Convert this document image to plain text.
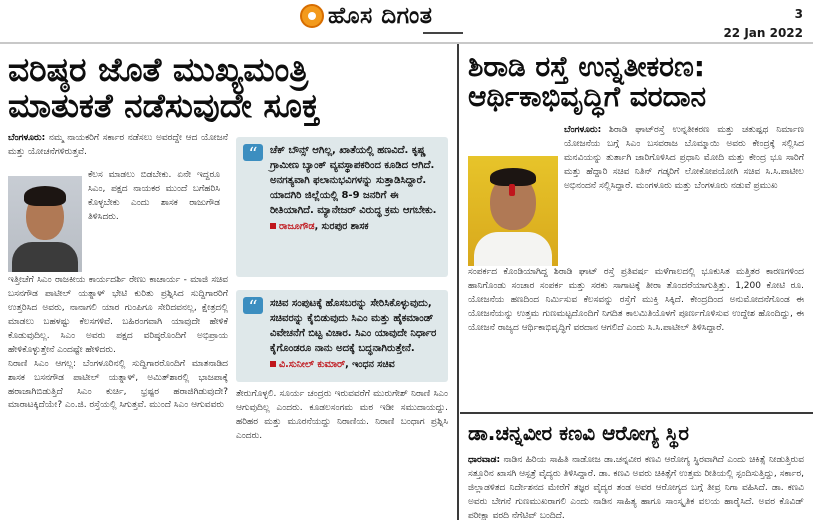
ಹೊಸ ದಿಗಂತ	3
22 Jan 2022
ವರಿಷ್ಠರ ಜೊತೆ ಮುಖ್ಯಮಂತ್ರಿ
ಮಾತುಕತೆ ನಡೆಸುವುದೇ ಸೂಕ್ತ
ಬೆಂಗಳೂರು: ನಮ್ಮ ನಾಯಕರಿಗೆ ಸರ್ಕಾರ ನಡೆಸಲು ಅವರದ್ದೇ ಆದ ಯೋಜನೆ ಮತ್ತು ಯೋಚನೆಗಳಿರುತ್ತವೆ.
ಕೆಲಸ ಮಾಡಲು ಬಿಡಬೇಕು. ಏನೇ ಇದ್ದರೂ ಸಿಎಂ, ಪಕ್ಷದ ನಾಯಕರ ಮುಂದೆ ಬಗೆಹರಿಸಿ ಕೊಳ್ಳಬೇಕು ಎಂದು ಶಾಸಕ ರಾಜುಗೌಡ ತಿಳಿಸಿದರು.

ಇತ್ತೀಚೆಗೆ ಸಿಎಂ ರಾಜಕೀಯ ಕಾರ್ಯದರ್ಶಿ ರೇಣು ಕಾಚಾರ್ಯ - ಮಾಜಿ ಸಚಿವ ಬಸನಗೌಡ ಪಾಟೀಲ್ ಯತ್ನಾಳ್ ಭೇಟಿ ಕುರಿತು ಪ್ರಶ್ನಿಸಿದ ಸುದ್ದಿಗಾರರಿಗೆ ಉತ್ತರಿಸಿದ ಅವರು, ನಾನಾಗಲಿ ಯಾರ ಗುಂಪಿಗೂ ಸೇರಿದವನಲ್ಲ, ಕ್ಷೇತ್ರದಲ್ಲಿ ಮಾಡಲು ಬಹಳಷ್ಟು ಕೆಲಸಗಳಿವೆ. ಬಹಿರಂಗವಾಗಿ ಯಾವುದೇ ಹೇಳಿಕೆ ಕೊಡುವುದಿಲ್ಲ. ಸಿಎಂ ಅವರು ಪಕ್ಷದ ವರಿಷ್ಠರೊಂದಿಗೆ ಅಭಿಪ್ರಾಯ ಹೇಳಿಕೊಳ್ಳುತ್ತೇನೆ ಎಂದಷ್ಟೇ ಹೇಳಿದರು.

ನಿರಾಣಿ ಸಿಎಂ ಆಗಲ್ಲ: ಬೆಂಗಳೂರಿನಲ್ಲಿ ಸುದ್ದಿಗಾರರೊಂದಿಗೆ ಮಾತನಾಡಿದ ಶಾಸಕ ಬಸನಗೌಡ ಪಾಟೀಲ್ ಯತ್ನಾಳ್, ಅಮಿತ್‌ಶಾರಲ್ಲಿ ಭಾಜಪಾಕ್ಕೆ ಹರಾಜಾಗಿಬಿಡುತ್ತಿದೆ ಸಿಎಂ ಕುರ್ಚಿ, ಭ್ರಷ್ಟರ ಹರಾಜಿಗಿಡುವುದೇ? ಮಾರಾಟಕ್ಕಿದೆಯೇ? ಎಂ.ಜಿ. ರಸ್ತೆಯಲ್ಲಿ ಸಿಗುತ್ತವೆ. ಮುಂದೆ ಸಿಎಂ ಆಗುವವರು

“	ಚೆಕ್ ಬೌನ್ಸ್ ಆಗಿಲ್ಲ, ಖಾತೆಯಲ್ಲಿ ಹಣವಿದೆ. ಕೃಷ್ಣ ಗ್ರಾಮೀಣ ಬ್ಯಾಂಕ್ ವ್ಯವಸ್ಥಾಪಕರಿಂದ ಕೂಡಿದ ಆಗಿದೆ. ಅನಗತ್ಯವಾಗಿ ಫಲಾನುಭವಿಗಳನ್ನು ಸುತ್ತಾಡಿಸಿದ್ದಾರೆ. ಯಾದಗಿರಿ ಜಿಲ್ಲೆಯಲ್ಲಿ 8-9 ಜನರಿಗೆ ಈ ರೀತಿಯಾಗಿದೆ. ಮ್ಯಾನೇಜರ್ ವಿರುದ್ಧ ಕ್ರಮ ಆಗಬೇಕು.
ರಾಜೂಗೌಡ, ಸುರಪುರ ಶಾಸಕ
“	ಸಚಿವ ಸಂಪುಟಕ್ಕೆ ಹೊಸಬರನ್ನು ಸೇರಿಸಿಕೊಳ್ಳುವುದು, ಸಚಿವರನ್ನು ಕೈಬಿಡುವುದು ಸಿಎಂ ಮತ್ತು ಹೈಕಮಾಂಡ್ ವಿವೇಚನೆಗೆ ಬಿಟ್ಟ ವಿಚಾರ. ಸಿಎಂ ಯಾವುದೇ ನಿರ್ಧಾರ ಕೈಗೊಂಡರೂ ನಾನು ಅದಕ್ಕೆ ಬದ್ಧನಾಗಿರುತ್ತೇನೆ.
ವಿ.ಸುನೀಲ್ ಕುಮಾರ್, ಇಂಧನ ಸಚಿವ
ತೇರುಗೊಳ್ಳಲಿ. ಸೂರ್ಯ ಚಂದ್ರರು ಇರುವವರೆಗೆ ಮುರುಗೇಶ್ ನಿರಾಣಿ ಸಿಎಂ ಆಗುವುದಿಲ್ಲ ಎಂದರು. ಕೂಡಲಸಂಗಮ ಮಠ ಇಡೀ ಸಮುದಾಯದ್ದು. ಹರಿಹರ ಮತ್ತು ಮೂರನೆಯದ್ದು ನಿರಾಣಿಯ. ನಿರಾಣಿ ಬಂಧಾಗ ಪ್ರಶ್ನಿಸಿ ಎಂದರು.
ಶಿರಾಡಿ ರಸ್ತೆ ಉನ್ನತೀಕರಣ:
ಆರ್ಥಿಕಾಭಿವೃದ್ಧಿಗೆ ವರದಾನ
ಬೆಂಗಳೂರು: ಶಿರಾಡಿ ಘಾಟ್‌ರಸ್ತೆ ಉನ್ನತೀಕರಣ ಮತ್ತು ಚತುಷ್ಪಥ ನಿರ್ಮಾಣ ಯೋಜನೆಯ ಬಗ್ಗೆ ಸಿಎಂ ಬಸವರಾಜ ಬೊಮ್ಮಾಯಿ ಅವರು ಕೇಂದ್ರಕ್ಕೆ ಸಲ್ಲಿಸಿದ ಮನವಿಯನ್ನು ತುರ್ತಾಗಿ ಜಾರಿಗೊಳಿಸಿದ ಪ್ರಧಾನಿ ಮೋದಿ ಮತ್ತು ಕೇಂದ್ರ ಭೂ ಸಾರಿಗೆ ಮತ್ತು ಹೆದ್ದಾರಿ ಸಚಿವ ನಿತಿನ್ ಗಡ್ಕರಿಗೆ ಲೋಕೋಪಯೋಗಿ ಸಚಿವ ಸಿ.ಸಿ.ಪಾಟೀಲ ಅಭಿನಂದನೆ ಸಲ್ಲಿಸಿದ್ದಾರೆ. ಮಂಗಳೂರು ಮತ್ತು ಬೆಂಗಳೂರು ನಡುವೆ ಪ್ರಮುಖ
ಸಂಪರ್ಕದ ಕೊಂಡಿಯಾಗಿದ್ದ ಶಿರಾಡಿ ಘಾಟ್ ರಸ್ತೆ ಪ್ರತಿವರ್ಷ ಮಳೆಗಾಲದಲ್ಲಿ ಭೂಕುಸಿತ ಮತ್ತಿತರ ಕಾರಣಗಳಿಂದ ಹಾನಿಗೊಂಡು ಸಂಚಾರ ಸಂಪರ್ಕ ಮತ್ತು ಸರಕು ಸಾಗಾಟಕ್ಕೆ ತೀರಾ ತೊಂದರೆಯಾಗುತ್ತಿತ್ತು. 1,200 ಕೋಟಿ ರೂ. ಯೋಜನೆಯ ಹಣದಿಂದ ನಿರ್ಮಿಸುವ ಕೆಲಸವನ್ನು ರಸ್ತೆಗೆ ಮುಕ್ತಿ ಸಿಕ್ಕಿದೆ. ಕೇಂದ್ರದಿಂದ ಅನುಮೋದನೆಗೊಂಡ ಈ ಯೋಜನೆಯನ್ನು ಉತ್ತಮ ಗುಣಮಟ್ಟದೊಂದಿಗೆ ನಿಗದಿತ ಕಾಲಮಿತಿಯೊಳಗೆ ಪೂರ್ಣಗೊಳಿಸುವ ಉದ್ದೇಶ ಹೊಂದಿದ್ದು, ಈ ಯೋಜನೆ ರಾಜ್ಯದ ಆರ್ಥಿಕಾಭಿವೃದ್ಧಿಗೆ ವರದಾನ ಆಗಲಿದೆ ಎಂದು ಸಿ.ಸಿ.ಪಾಟೀಲ್ ತಿಳಿಸಿದ್ದಾರೆ.
ಡಾ.ಚನ್ನವೀರ ಕಣವಿ ಆರೋಗ್ಯ ಸ್ಥಿರ
ಧಾರವಾಡ: ನಾಡಿನ ಹಿರಿಯ ಸಾಹಿತಿ ನಾಡೋಜ ಡಾ.ಚನ್ನವೀರ ಕಣವಿ ಆರೋಗ್ಯ ಸ್ಥಿರವಾಗಿದೆ ಎಂದು ಚಿಕಿತ್ಸೆ ನೀಡುತ್ತಿರುವ ಸತ್ತೂರಿನ ಖಾಸಗಿ ಆಸ್ಪತ್ರೆ ವೈದ್ಯರು ತಿಳಿಸಿದ್ದಾರೆ. ಡಾ. ಕಣವಿ ಅವರು ಚಿಕಿತ್ಸೆಗೆ ಉತ್ತಮ ರೀತಿಯಲ್ಲಿ ಸ್ಪಂದಿಸುತ್ತಿದ್ದು, ಸರ್ಕಾರ, ಜಿಲ್ಲಾಡಳಿತದ ನಿರ್ದೇಶನದ ಮೇರೆಗೆ ತಜ್ಞರ ವೈದ್ಯರ ತಂಡ ಅವರ ಆರೋಗ್ಯದ ಬಗ್ಗೆ ತೀವ್ರ ನಿಗಾ ವಹಿಸಿದೆ. ಡಾ. ಕಣವಿ ಅವರು ಬೇಗನೆ ಗುಣಮುಖರಾಗಲಿ ಎಂದು ನಾಡಿನ ಸಾಹಿತ್ಯ ಹಾಗೂ ಸಾಂಸ್ಕೃತಿಕ ವಲಯ ಹಾರೈಸಿದೆ. ಅವರ ಕೊವಿಡ್ ಪರೀಕ್ಷಾ ವರದಿ ನೆಗೆಟಿವ್ ಬಂದಿದೆ.
